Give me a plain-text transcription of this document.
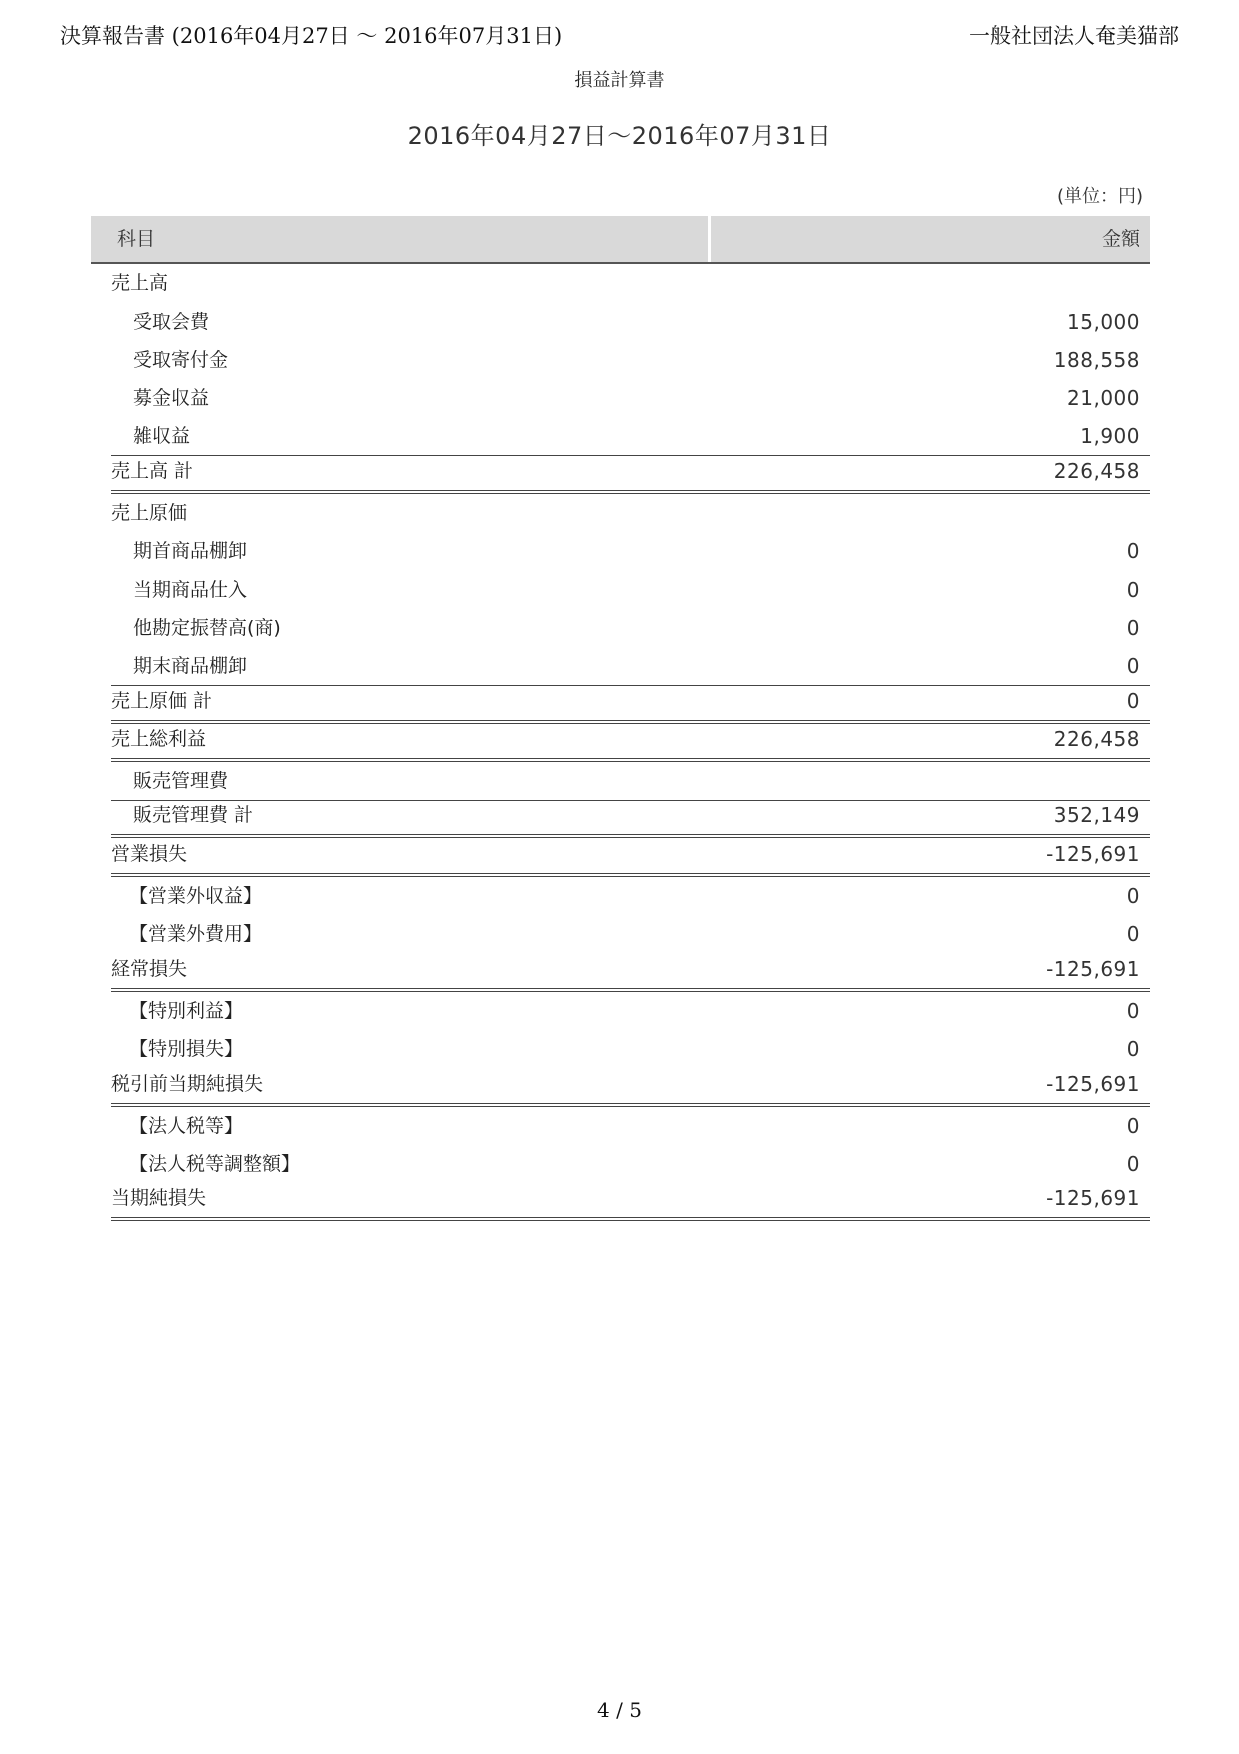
決算報告書 (2016年04月27日 〜 2016年07月31日)	一般社団法人奄美猫部
損益計算書
2016年04月27日〜2016年07月31日
(単位：円)
科目	金額
売上高
受取会費	15,000
受取寄付金	188,558
募金収益	21,000
雑収益	1,900
売上高 計	226,458
売上原価
期首商品棚卸	0
当期商品仕入	0
他勘定振替高(商)	0
期末商品棚卸	0
売上原価 計	0
売上総利益	226,458
販売管理費
販売管理費 計	352,149
営業損失	-125,691
【営業外収益】	0
【営業外費用】	0
経常損失	-125,691
【特別利益】	0
【特別損失】	0
税引前当期純損失	-125,691
【法人税等】	0
【法人税等調整額】	0
当期純損失	-125,691
4 / 5
